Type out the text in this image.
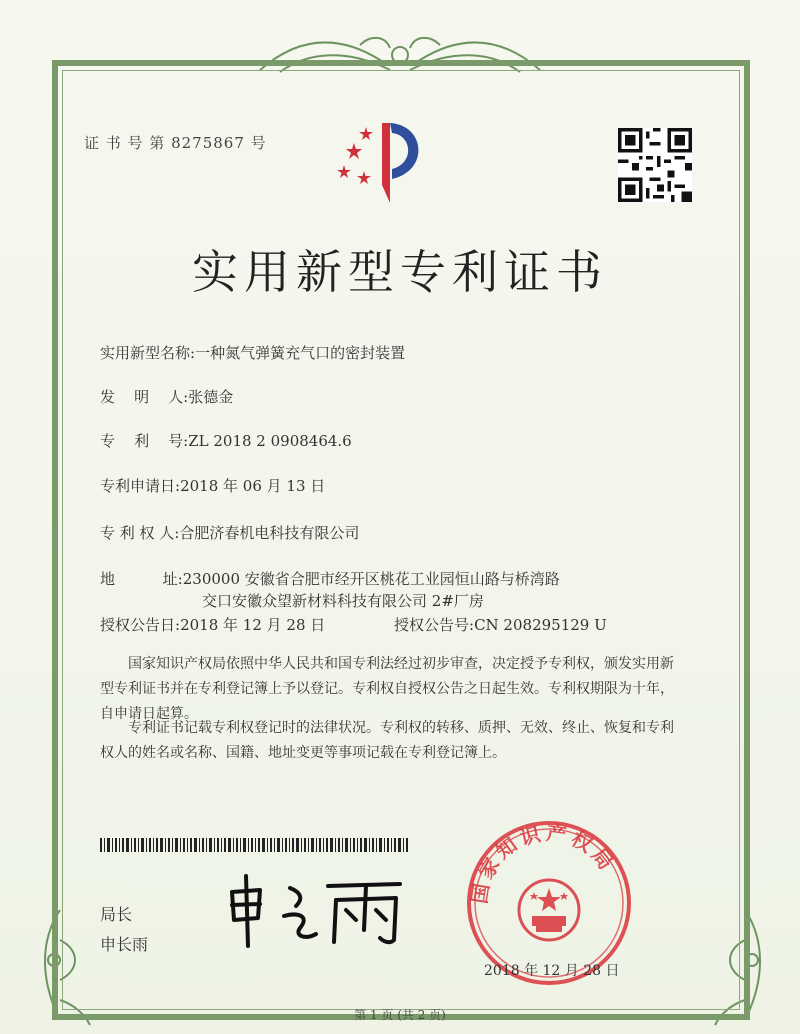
证 书 号 第 8275867 号
实用新型专利证书
实用新型名称:一种氮气弹簧充气口的密封装置
发    明    人:张德金
专    利    号:ZL 2018 2 0908464.6
专利申请日:2018 年 06 月 13 日
专 利 权 人:合肥济春机电科技有限公司
地          址:230000 安徽省合肥市经开区桃花工业园恒山路与桥湾路
交口安徽众望新材料科技有限公司 2#厂房
授权公告日:2018 年 12 月 28 日	授权公告号:CN 208295129 U
国家知识产权局依照中华人民共和国专利法经过初步审查，决定授予专利权，颁发实用新型专利证书并在专利登记簿上予以登记。专利权自授权公告之日起生效。专利权期限为十年，自申请日起算。
专利证书记载专利权登记时的法律状况。专利权的转移、质押、无效、终止、恢复和专利权人的姓名或名称、国籍、地址变更等事项记载在专利登记簿上。
局长
申长雨
国家知识产权局
2018 年 12 月 28 日
第 1 页 (共 2 页)
